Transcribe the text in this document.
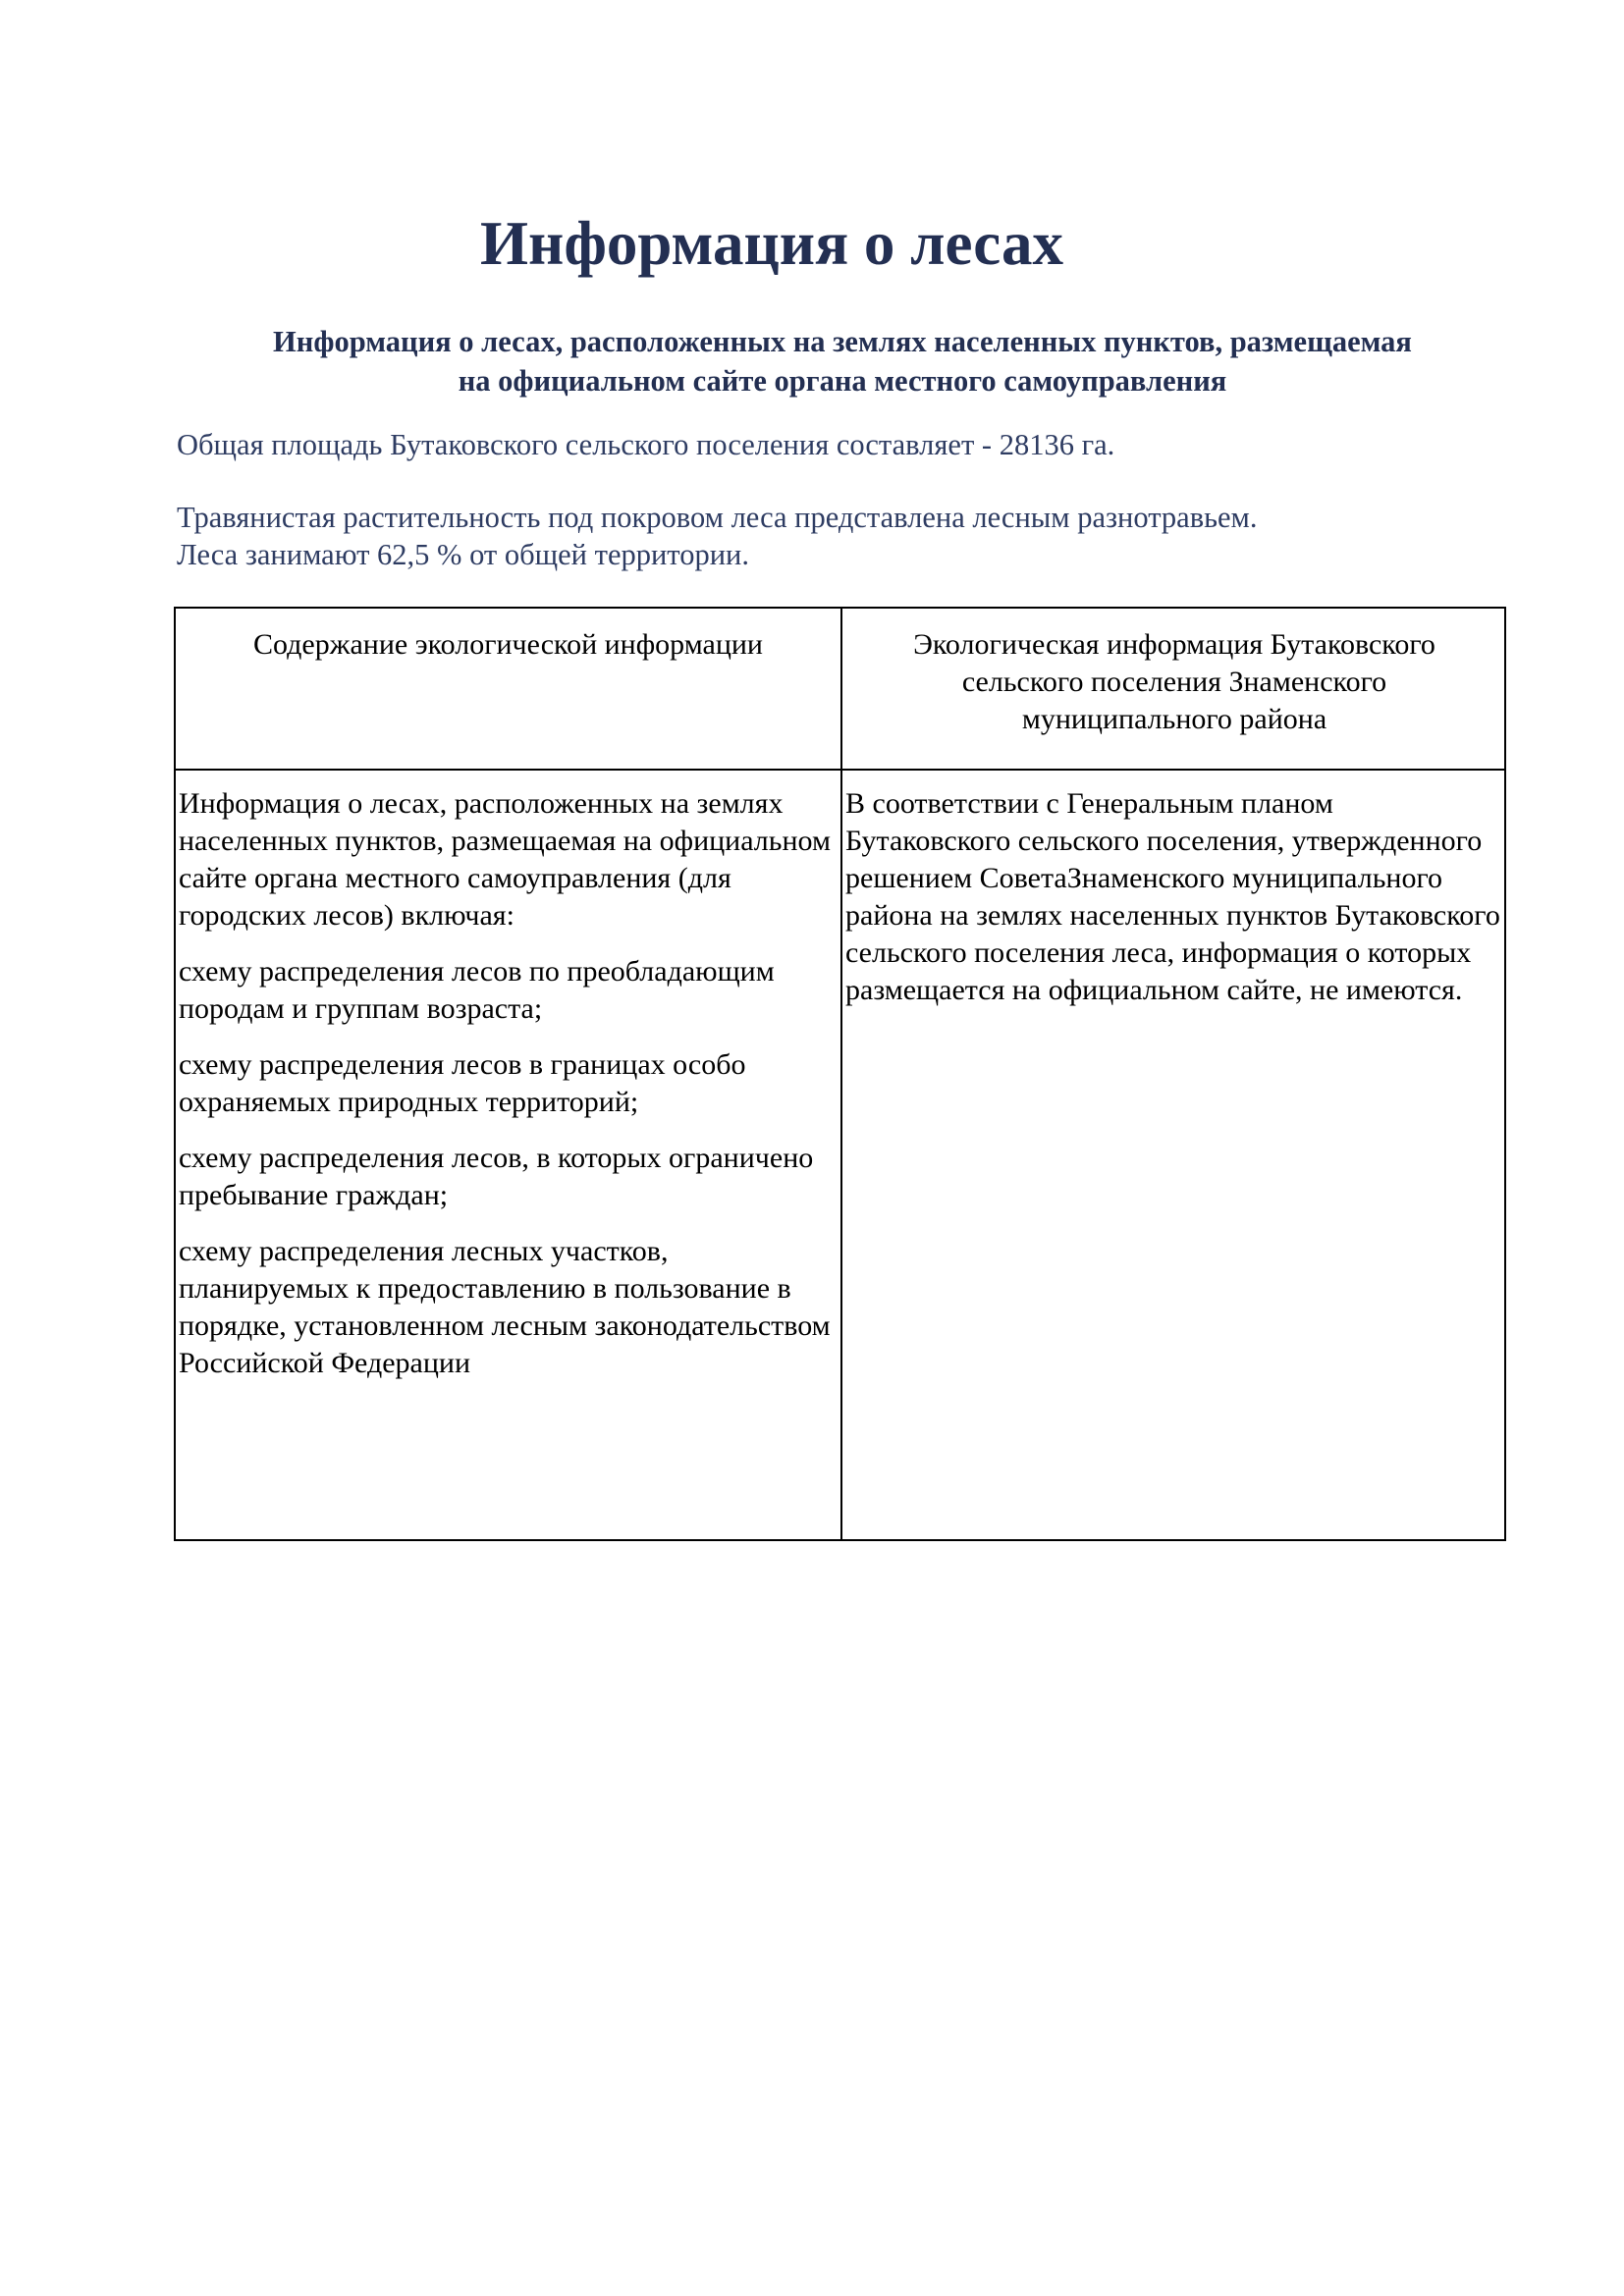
Информация о лесах
Информация о лесах, расположенных на землях населенных пунктов, размещаемая
на официальном сайте органа местного самоуправления

Общая площадь Бутаковского сельского поселения составляет - 28136 га.

Травянистая растительность под покровом леса представлена лесным разнотравьем.
Леса занимают 62,5 % от общей территории.
Содержание экологической информации	Экологическая информация Бутаковского
сельского поселения Знаменского
муниципального района

Информация о лесах, расположенных на землях населенных пунктов, размещаемая на официальном сайте органа местного самоуправления (для городских лесов) включая:

схему распределения лесов по преобладающим породам и группам возраста;

схему распределения лесов в границах особо охраняемых природных территорий;

схему распределения лесов, в которых ограничено пребывание граждан;

схему распределения лесных участков, планируемых к предоставлению в пользование в порядке, установленном лесным законодательством Российской Федерации

В соответствии с Генеральным планом Бутаковского сельского поселения, утвержденного решением СоветаЗнаменского муниципального района на землях населенных пунктов Бутаковского сельского поселения леса, информация о которых размещается на официальном сайте, не имеются.
